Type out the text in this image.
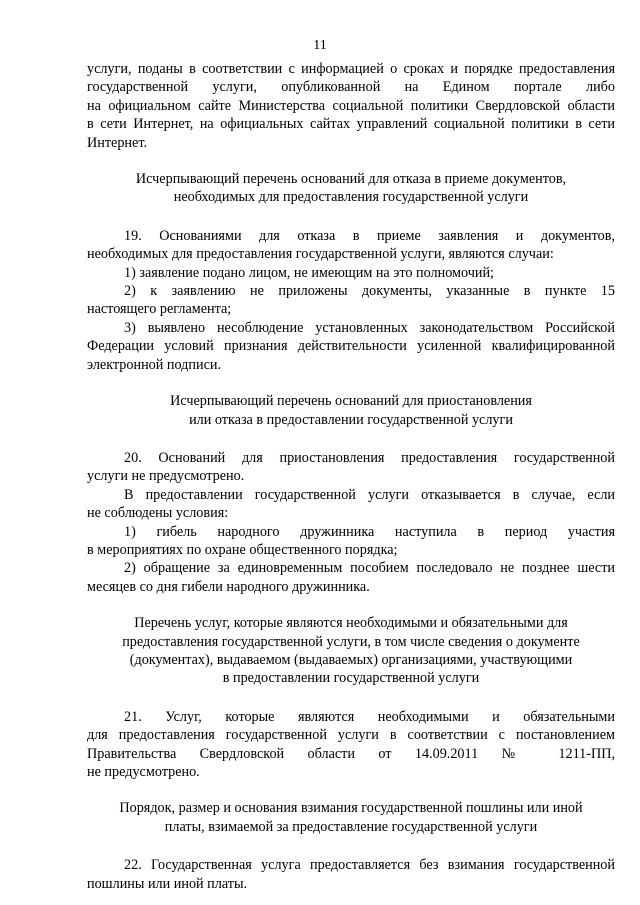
11
услуги, поданы в соответствии с информацией о сроках и порядке предоставления
государственной услуги, опубликованной на Едином портале либо
на официальном сайте Министерства социальной политики Свердловской области
в сети Интернет, на официальных сайтах управлений социальной политики в сети
Интернет.
Исчерпывающий перечень оснований для отказа в приеме документов,
необходимых для предоставления государственной услуги
19. Основаниями для отказа в приеме заявления и документов,
необходимых для предоставления государственной услуги, являются случаи:
1) заявление подано лицом, не имеющим на это полномочий;
2) к заявлению не приложены документы, указанные в пункте 15
настоящего регламента;
3) выявлено несоблюдение установленных законодательством Российской
Федерации условий признания действительности усиленной квалифицированной
электронной подписи.
Исчерпывающий перечень оснований для приостановления
или отказа в предоставлении государственной услуги
20. Оснований для приостановления предоставления государственной
услуги не предусмотрено.
В предоставлении государственной услуги отказывается в случае, если
не соблюдены условия:
1) гибель народного дружинника наступила в период участия
в мероприятиях по охране общественного порядка;
2) обращение за единовременным пособием последовало не позднее шести
месяцев со дня гибели народного дружинника.
Перечень услуг, которые являются необходимыми и обязательными для
предоставления государственной услуги, в том числе сведения о документе
(документах), выдаваемом (выдаваемых) организациями, участвующими
в предоставлении государственной услуги
21. Услуг, которые являются необходимыми и обязательными
для предоставления государственной услуги в соответствии с постановлением
Правительства Свердловской области от 14.09.2011 № 1211-ПП,
не предусмотрено.
Порядок, размер и основания взимания государственной пошлины или иной
платы, взимаемой за предоставление государственной услуги
22. Государственная услуга предоставляется без взимания государственной
пошлины или иной платы.
